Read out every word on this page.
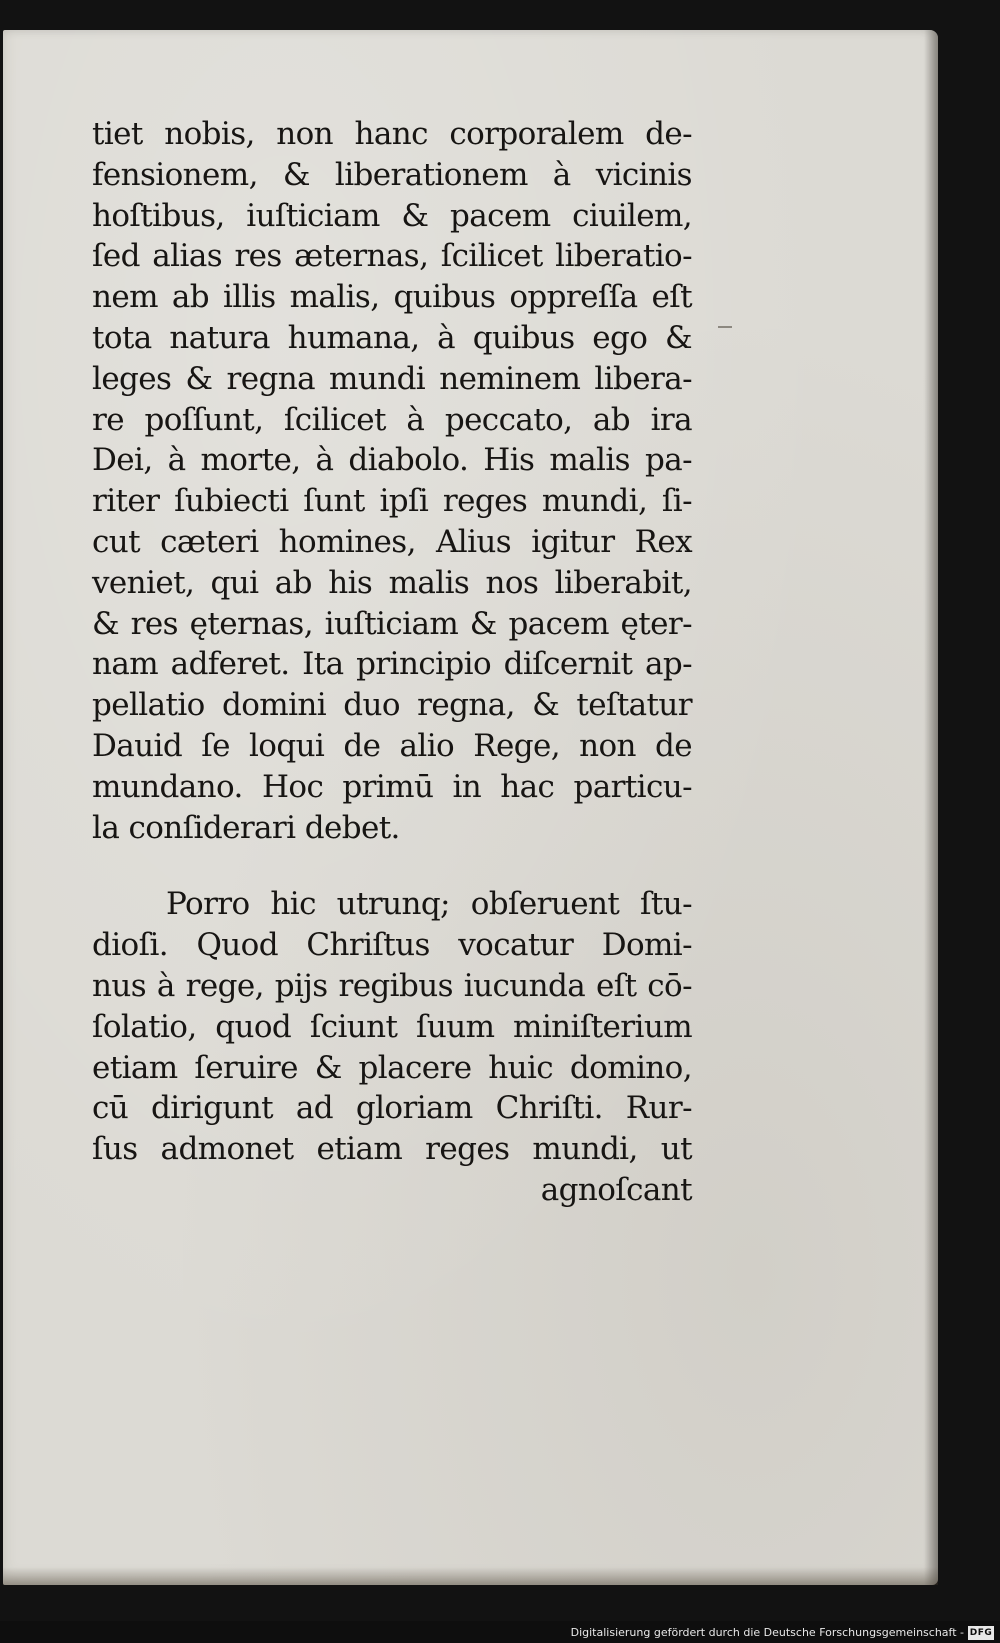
tiet nobis, non hanc corporalem de-
fensionem, & liberationem à vicinis
hoſtibus, iuſticiam & pacem ciuilem,
ſed alias res æternas, ſcilicet liberatio-
nem ab illis malis, quibus oppreſſa eſt
tota natura humana, à quibus ego &
leges & regna mundi neminem libera-
re poſſunt, ſcilicet à peccato, ab ira
Dei, à morte, à diabolo. His malis pa-
riter ſubiecti ſunt ipſi reges mundi, ſi-
cut cæteri homines, Alius igitur Rex
veniet, qui ab his malis nos liberabit,
& res ęternas, iuſticiam & pacem ęter-
nam adferet. Ita principio diſcernit ap-
pellatio domini duo regna, & teſtatur
Dauid ſe loqui de alio Rege, non de
mundano. Hoc primū in hac particu-
la conſiderari debet.
Porro hic utrunq; obſeruent ſtu-
dioſi. Quod Chriſtus vocatur Domi-
nus à rege, pijs regibus iucunda eſt cō-
ſolatio, quod ſciunt ſuum miniſterium
etiam ſeruire & placere huic domino,
cū dirigunt ad gloriam Chriſti. Rur-
ſus admonet etiam reges mundi, ut
agnoſcant
Digitalisierung gefördert durch die Deutsche Forschungsgemeinschaft - DFG
